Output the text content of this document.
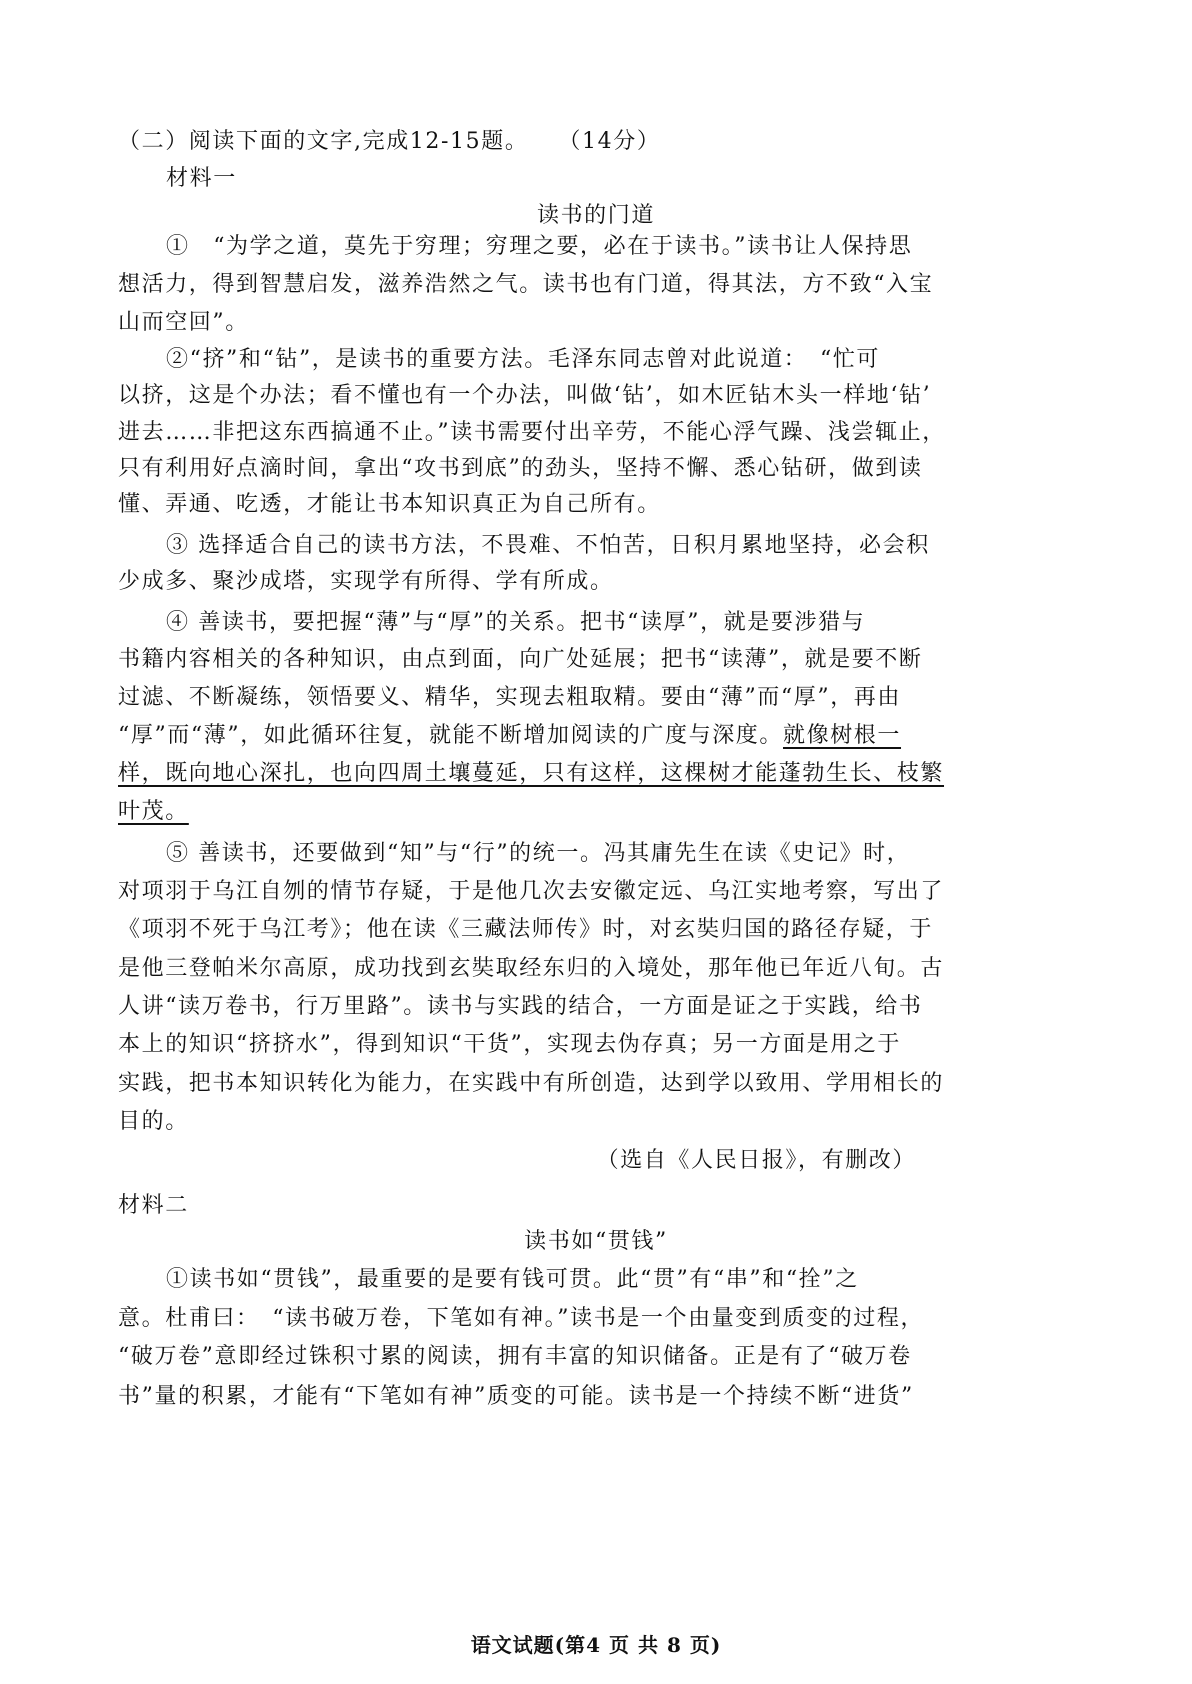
（二）阅读下面的文字,完成12-15题。 （14分）
材料一
读书的门道
①　“为学之道，莫先于穷理；穷理之要，必在于读书。”读书让人保持思
想活力，得到智慧启发，滋养浩然之气。读书也有门道，得其法，方不致“入宝
山而空回”。
②“挤”和“钻”，是读书的重要方法。毛泽东同志曾对此说道：　“忙可
以挤，这是个办法；看不懂也有一个办法，叫做‘钻’，如木匠钻木头一样地‘钻’
进去……非把这东西搞通不止。”读书需要付出辛劳，不能心浮气躁、浅尝辄止，
只有利用好点滴时间，拿出“攻书到底”的劲头，坚持不懈、悉心钻研，做到读
懂、弄通、吃透，才能让书本知识真正为自己所有。
③ 选择适合自己的读书方法，不畏难、不怕苦，日积月累地坚持，必会积
少成多、聚沙成塔，实现学有所得、学有所成。
④ 善读书，要把握“薄”与“厚”的关系。把书“读厚”，就是要涉猎与
书籍内容相关的各种知识，由点到面，向广处延展；把书“读薄”，就是要不断
过滤、不断凝练，领悟要义、精华，实现去粗取精。要由“薄”而“厚”，再由
“厚”而“薄”，如此循环往复，就能不断增加阅读的广度与深度。就像树根一
样，既向地心深扎，也向四周土壤蔓延，只有这样，这棵树才能蓬勃生长、枝繁
叶茂。
⑤ 善读书，还要做到“知”与“行”的统一。冯其庸先生在读《史记》时，
对项羽于乌江自刎的情节存疑，于是他几次去安徽定远、乌江实地考察，写出了
《项羽不死于乌江考》；他在读《三藏法师传》时，对玄奘归国的路径存疑，于
是他三登帕米尔高原，成功找到玄奘取经东归的入境处，那年他已年近八旬。古
人讲“读万卷书，行万里路”。读书与实践的结合，一方面是证之于实践，给书
本上的知识“挤挤水”，得到知识“干货”，实现去伪存真；另一方面是用之于
实践，把书本知识转化为能力，在实践中有所创造，达到学以致用、学用相长的
目的。
（选自《人民日报》，有删改）
材料二
读书如“贯钱”
①读书如“贯钱”，最重要的是要有钱可贯。此“贯”有“串”和“拴”之
意。杜甫曰：　“读书破万卷，下笔如有神。”读书是一个由量变到质变的过程，
“破万卷”意即经过铢积寸累的阅读，拥有丰富的知识储备。正是有了“破万卷
书”量的积累，才能有“下笔如有神”质变的可能。读书是一个持续不断“进货”
语文试题(第4 页 共 8 页)
